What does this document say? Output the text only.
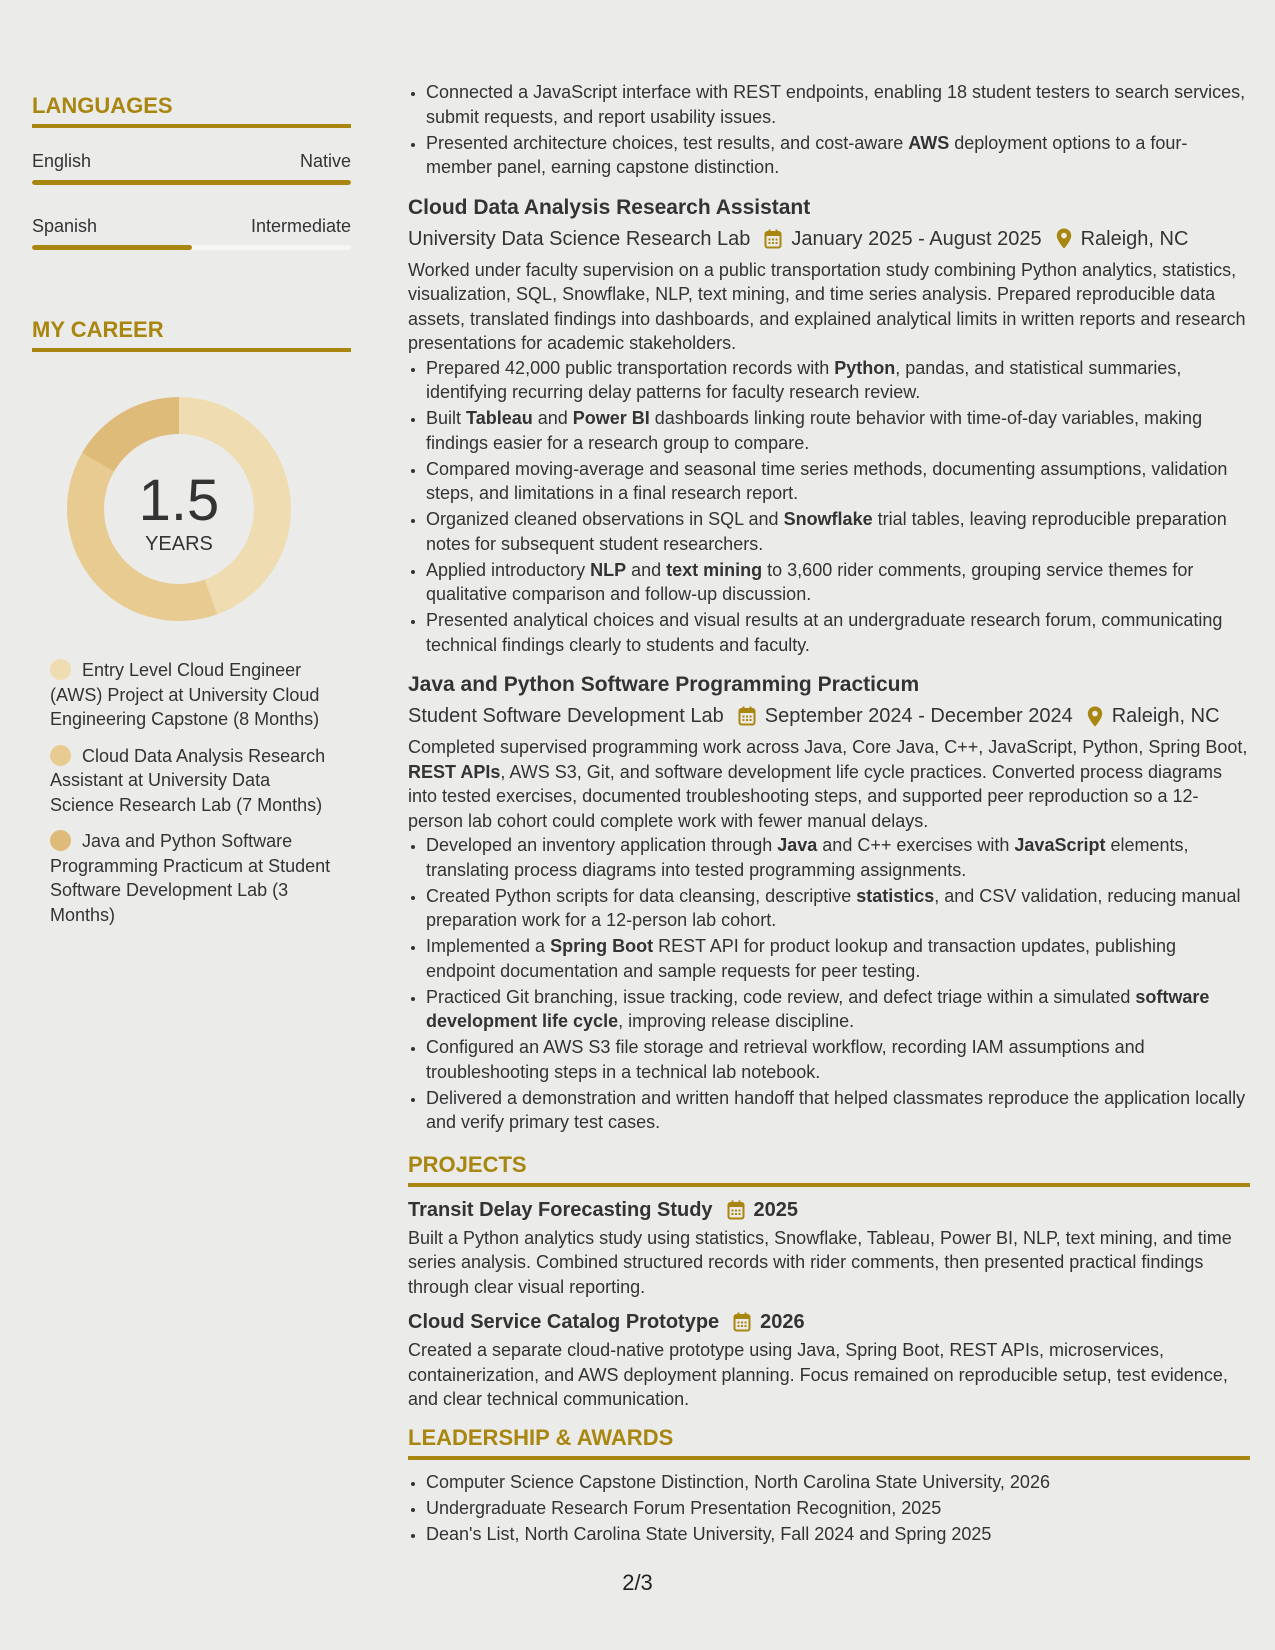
LANGUAGES
English	Native
Spanish	Intermediate
MY CAREER
1.5
YEARS
Entry Level Cloud Engineer (AWS) Project at University Cloud Engineering Capstone (8 Months)
Cloud Data Analysis Research Assistant at University Data Science Research Lab (7 Months)
Java and Python Software Programming Practicum at Student Software Development Lab (3 Months)
• Connected a JavaScript interface with REST endpoints, enabling 18 student testers to search services, submit requests, and report usability issues.
• Presented architecture choices, test results, and cost-aware AWS deployment options to a four-member panel, earning capstone distinction.
Cloud Data Analysis Research Assistant
University Data Science Research Lab January 2025 - August 2025 Raleigh, NC
Worked under faculty supervision on a public transportation study combining Python analytics, statistics, visualization, SQL, Snowflake, NLP, text mining, and time series analysis. Prepared reproducible data assets, translated findings into dashboards, and explained analytical limits in written reports and research presentations for academic stakeholders.
• Prepared 42,000 public transportation records with Python, pandas, and statistical summaries, identifying recurring delay patterns for faculty research review.
• Built Tableau and Power BI dashboards linking route behavior with time-of-day variables, making findings easier for a research group to compare.
• Compared moving-average and seasonal time series methods, documenting assumptions, validation steps, and limitations in a final research report.
• Organized cleaned observations in SQL and Snowflake trial tables, leaving reproducible preparation notes for subsequent student researchers.
• Applied introductory NLP and text mining to 3,600 rider comments, grouping service themes for qualitative comparison and follow-up discussion.
• Presented analytical choices and visual results at an undergraduate research forum, communicating technical findings clearly to students and faculty.
Java and Python Software Programming Practicum
Student Software Development Lab September 2024 - December 2024 Raleigh, NC
Completed supervised programming work across Java, Core Java, C++, JavaScript, Python, Spring Boot, REST APIs, AWS S3, Git, and software development life cycle practices. Converted process diagrams into tested exercises, documented troubleshooting steps, and supported peer reproduction so a 12-person lab cohort could complete work with fewer manual delays.
• Developed an inventory application through Java and C++ exercises with JavaScript elements, translating process diagrams into tested programming assignments.
• Created Python scripts for data cleansing, descriptive statistics, and CSV validation, reducing manual preparation work for a 12-person lab cohort.
• Implemented a Spring Boot REST API for product lookup and transaction updates, publishing endpoint documentation and sample requests for peer testing.
• Practiced Git branching, issue tracking, code review, and defect triage within a simulated software development life cycle, improving release discipline.
• Configured an AWS S3 file storage and retrieval workflow, recording IAM assumptions and troubleshooting steps in a technical lab notebook.
• Delivered a demonstration and written handoff that helped classmates reproduce the application locally and verify primary test cases.
PROJECTS
Transit Delay Forecasting Study 2025
Built a Python analytics study using statistics, Snowflake, Tableau, Power BI, NLP, text mining, and time series analysis. Combined structured records with rider comments, then presented practical findings through clear visual reporting.
Cloud Service Catalog Prototype 2026
Created a separate cloud-native prototype using Java, Spring Boot, REST APIs, microservices, containerization, and AWS deployment planning. Focus remained on reproducible setup, test evidence, and clear technical communication.
LEADERSHIP & AWARDS
• Computer Science Capstone Distinction, North Carolina State University, 2026
• Undergraduate Research Forum Presentation Recognition, 2025
• Dean's List, North Carolina State University, Fall 2024 and Spring 2025
2/3
